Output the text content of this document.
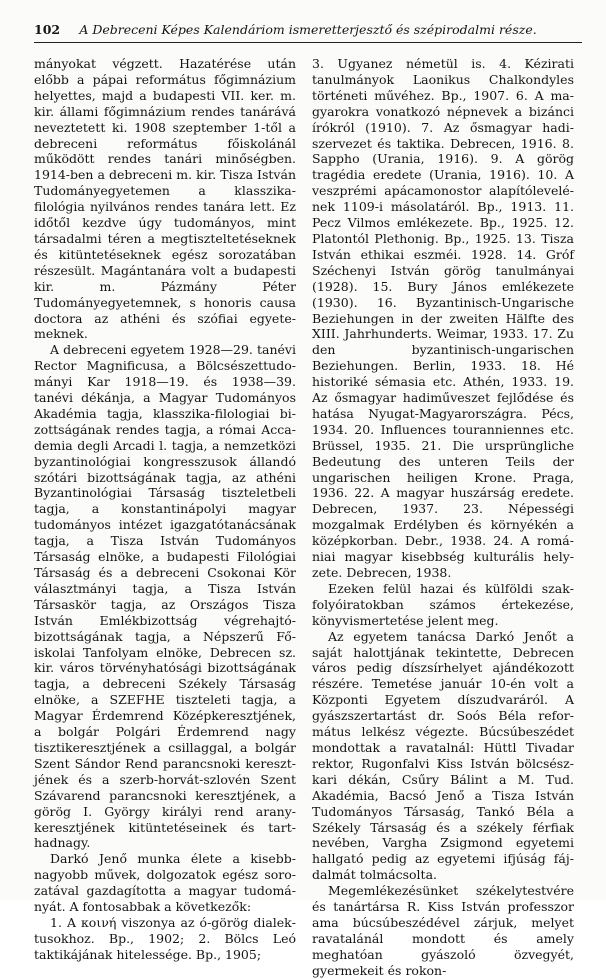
102	A Debreceni Képes Kalendáriom ismeretterjesztő és szépirodalmi része.

mányokat végzett. Hazatérése után előbb a pápai református főgimnázium helyettes, majd a budapesti VII. ker. m. kir. állami főgimnázium rendes tanárává neveztetett ki. 1908 szeptember 1-től a debreceni református főiskolánál működött rendes tanári minőségben. 1914-ben a debreceni m. kir. Tisza István Tudományegyetemen a klasszika-filológia nyilvános rendes tanára lett. Ez időtől kezdve úgy tudományos, mint társadalmi téren a megtiszteltetéseknek és kitüntetéseknek egész sorozatában részesült. Magántanára volt a budapesti kir. m. Pázmány Péter Tudományegyetemnek, s honoris causa doctora az athéni és szófiai egyetemeknek.

A debreceni egyetem 1928—29. tanévi Rector Magnificusa, a Bölcsészettudományi Kar 1918—19. és 1938—39. tanévi dékánja, a Magyar Tudományos Akadémia tagja, klasszika-filologiai bizottságának rendes tagja, a római Accademia degli Arcadi l. tagja, a nemzetközi byzantinológiai kongresszusok állandó szótári bizottságának tagja, az athéni Byzantinológiai Társaság tiszteletbeli tagja, a konstantinápolyi magyar tudományos intézet igazgatótanácsának tagja, a Tisza István Tudományos Társaság elnöke, a budapesti Filológiai Társaság és a debreceni Csokonai Kör választmányi tagja, a Tisza István Társaskör tagja, az Országos Tisza István Emlékbizottság végrehajtóbizottságának tagja, a Népszerű Főiskolai Tanfolyam elnöke, Debrecen sz. kir. város törvényhatósági bizottságának tagja, a debreceni Székely Társaság elnöke, a SZEFHE tiszteleti tagja, a Magyar Érdemrend Középkeresztjének, a bolgár Polgári Érdemrend nagy tisztikeresztjének a csillaggal, a bolgár Szent Sándor Rend parancsnoki keresztjének és a szerb-horvát-szlovén Szent Szávarend parancsnoki keresztjének, a görög I. György királyi rend aranykeresztjének kitüntetéseinek és tarthadnagy.

Darkó Jenő munka élete a kisebbnagyobb művek, dolgozatok egész sorozatával gazdagította a magyar tudományát. A fontosabbak a következők:

1. A κοινή viszonya az ó-görög dialektusokhoz. Bp., 1902; 2. Bölcs Leó taktikájának hitelessége. Bp., 1905;

3. Ugyanez németül is. 4. Kézirati tanulmányok Laonikus Chalkondyles történeti művéhez. Bp., 1907. 6. A magyarokra vonatkozó népnevek a bizánci írókról (1910). 7. Az ősmagyar hadiszervezet és taktika. Debrecen, 1916. 8. Sappho (Urania, 1916). 9. A görög tragédia eredete (Urania, 1916). 10. A veszprémi apácamonostor alapítólevelének 1109-i másolatáról. Bp., 1913. 11. Pecz Vilmos emlékezete. Bp., 1925. 12. Platontól Plethonig. Bp., 1925. 13. Tisza István ethikai eszméi. 1928. 14. Gróf Széchenyi István görög tanulmányai (1928). 15. Bury János emlékezete (1930). 16. Byzantinisch-Ungarische Beziehungen in der zweiten Hälfte des XIII. Jahrhunderts. Weimar, 1933. 17. Zu den byzantinisch-ungarischen Beziehungen. Berlin, 1933. 18. Hé historiké sémasia etc. Athén, 1933. 19. Az ősmagyar hadiműveszet fejlődése és hatása Nyugat-Magyarországra. Pécs, 1934. 20. Influences touranniennes etc. Brüssel, 1935. 21. Die ursprüngliche Bedeutung des unteren Teils der ungarischen heiligen Krone. Praga, 1936. 22. A magyar huszárság eredete. Debrecen, 1937. 23. Népességi mozgalmak Erdélyben és környékén a középkorban. Debr., 1938. 24. A romániai magyar kisebbség kulturális helyzete. Debrecen, 1938.

Ezeken felül hazai és külföldi szakfolyóiratokban számos értekezése, könyvismertetése jelent meg.

Az egyetem tanácsa Darkó Jenőt a saját halottjának tekintette, Debrecen város pedig díszsírhelyet ajándékozott részére. Temetése január 10-én volt a Központi Egyetem díszudvaráról. A gyászszertartást dr. Soós Béla református lelkész végezte. Búcsúbeszédet mondottak a ravatalnál: Hüttl Tivadar rektor, Rugonfalvi Kiss István bölcsészkari dékán, Csűry Bálint a M. Tud. Akadémia, Bacsó Jenő a Tisza István Tudományos Társaság, Tankó Béla a Székely Társaság és a székely férfiak nevében, Vargha Zsigmond egyetemi hallgató pedig az egyetemi ifjúság fájdalmát tolmácsolta.

Megemlékezésünket székelytestvére és tanártársa R. Kiss István professzor ama búcsúbeszédével zárjuk, melyet ravatalánál mondott és amely meghatóan gyászoló özvegyét, gyermekeit és rokon-
